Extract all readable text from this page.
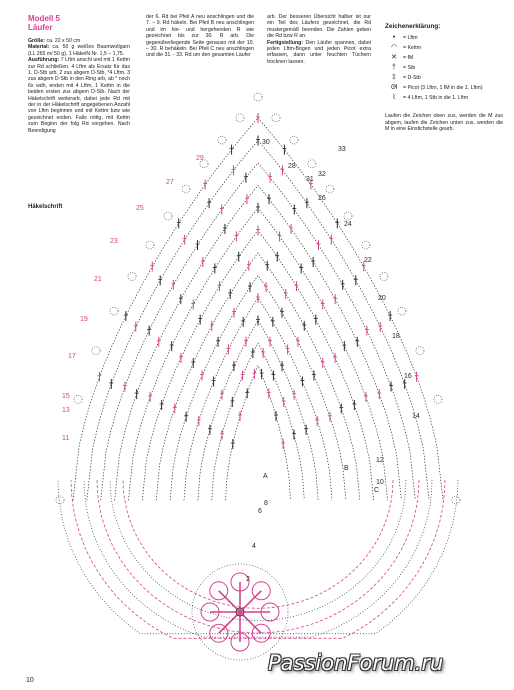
Modell 5

Läufer

Größe: ca. 22 x 50 cm

Material: ca. 50 g weißes Baumwollgarn (LL 265 m/ 50 g), 1 HäkelN Nr. 1,5 – 1,75.

Ausführung: 7 Lftm anschl und mit 1 Kettm zur Rd schließen. 4 Lftm als Ersatz für das 1. D-Stb arb, 2 zus abgem D-Stb, *4 Lftm, 3 zus abgem D-Stb in den Ring arb, ab * noch 6x wdh, enden mit 4 Lftm, 1 Kettm in die beiden ersten zus abgem D-Stb. Nach der Häkelschrift weiterarb, dabei jede Rd mit der in der Häkelschrift angegebenen Anzahl von Lftm beginnen und mit Kettm bzw wie gezeichnet enden. Falls nötig, mit Kettm zum Beginn der folg Rd vorgehen. Nach Beendigung

der 6. Rd bei Pfeil A neu anschlingen und die 7. – 9. Rd häkeln. Bei Pfeil B neu anschlingen und im hin- und hergehenden R wie gezeichnet bis zur 30. R arb. Die gegenüberliegende Seite genauso mit der 10. – 30. R behäkeln. Bei Pfeil C neu anschlingen und die 31. - 33. Rd um den gesamten Läufer

arb. Der besseren Übersicht halber ist nur ein Teil des Läufers gezeichnet, die Rd mustergemäß beenden. Die Zahlen geben die Rd bzw R an.

Fertigstellung: Den Läufer spannen, dabei jeden Lftm-Bogen und jeden Picot extra erfassen, dann unter feuchten Tüchern trocknen lassen.

Häkelschrift
Zeichenerklärung:
•	= Lftm
◠	= Kettm
✕	= fM
†	= Stb
‡	= D-Stb
ᘛ	= Picot (3 Lftm, 1 fM in die 1. Lftm)
⌇	= 4 Lftm, 1 Stb in die 1. Lftm
Laufen die Zeichen oben zus, werden die M zus abgem, laufen die Zeichen unten zus, werden die M in eine Einstichstelle gearb.
A
B
C
2
4
6
8
11
13
15
17
19
21
23
25
27
29
33
32
31
30
28
26
24
22
20
18
16
14
12
10
PassionForum.ru
10
